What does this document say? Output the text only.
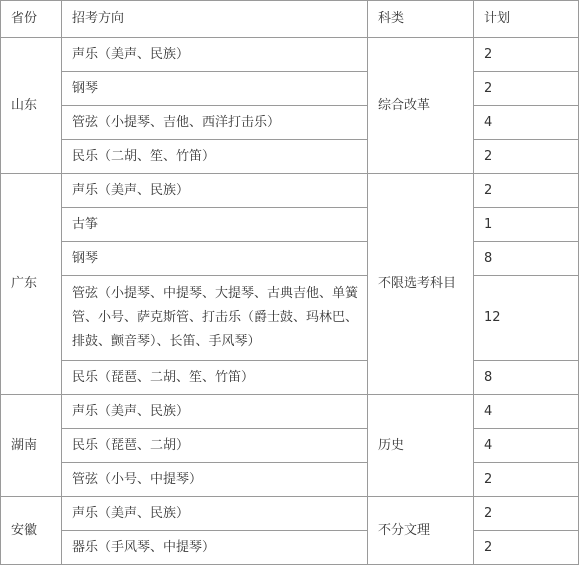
省份	招考方向	科类	计划
山东	声乐（美声、民族）	综合改革	2
	钢琴		2
	管弦（小提琴、吉他、西洋打击乐）		4
	民乐（二胡、笙、竹笛）		2
广东	声乐（美声、民族）	不限选考科目	2
	古筝		1
	钢琴		8
	管弦（小提琴、中提琴、大提琴、古典吉他、单簧管、小号、萨克斯管、打击乐（爵士鼓、玛林巴、排鼓、颤音琴）、长笛、手风琴）		12
	民乐（琵琶、二胡、笙、竹笛）		8
湖南	声乐（美声、民族）	历史	4
	民乐（琵琶、二胡）		4
	管弦（小号、中提琴）		2
安徽	声乐（美声、民族）	不分文理	2
	器乐（手风琴、中提琴）		2
